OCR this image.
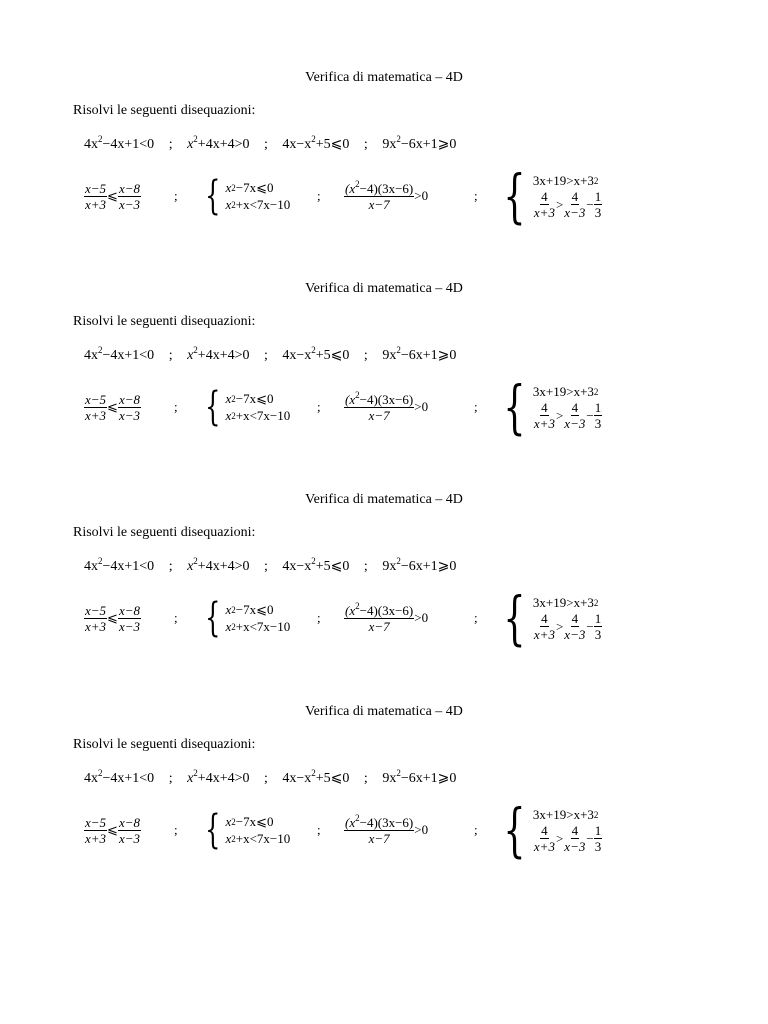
Verifica di matematica – 4D
Risolvi le seguenti disequazioni:
$4x^2-4x+1<0$ ; $x^2+4x+4>0$ ; $4x-x^2+5⩽0$ ; $9x^2-6x+1⩾0$
$\frac{x-5}{x+3}$ ⩽ $\frac{x-8}{x-3}$	; { x 2 −7x⩽0
x 2 +x<7x−10
; $\frac{(x^2-4)(3x-6)}{x-7} >0$	; { 3x+19>x+3 2
$\frac{4}{x+3} > \frac{4}{x-3} - \frac{1}{3}$
Verifica di matematica – 4D
Risolvi le seguenti disequazioni:
$4x^2-4x+1<0$ ; $x^2+4x+4>0$ ; $4x-x^2+5⩽0$ ; $9x^2-6x+1⩾0$
$\frac{x-5}{x+3}$ ⩽ $\frac{x-8}{x-3}$	; { x 2 −7x⩽0
x 2 +x<7x−10
; $\frac{(x^2-4)(3x-6)}{x-7} >0$	; { 3x+19>x+3 2
$\frac{4}{x+3} > \frac{4}{x-3} - \frac{1}{3}$
Verifica di matematica – 4D
Risolvi le seguenti disequazioni:
$4x^2-4x+1<0$ ; $x^2+4x+4>0$ ; $4x-x^2+5⩽0$ ; $9x^2-6x+1⩾0$
$\frac{x-5}{x+3}$ ⩽ $\frac{x-8}{x-3}$	; { x 2 −7x⩽0
x 2 +x<7x−10
; $\frac{(x^2-4)(3x-6)}{x-7} >0$	; { 3x+19>x+3 2
$\frac{4}{x+3} > \frac{4}{x-3} - \frac{1}{3}$
Verifica di matematica – 4D
Risolvi le seguenti disequazioni:
$4x^2-4x+1<0$ ; $x^2+4x+4>0$ ; $4x-x^2+5⩽0$ ; $9x^2-6x+1⩾0$
$\frac{x-5}{x+3}$ ⩽ $\frac{x-8}{x-3}$	; { x 2 −7x⩽0
x 2 +x<7x−10
; $\frac{(x^2-4)(3x-6)}{x-7} >0$	; { 3x+19>x+3 2
$\frac{4}{x+3} > \frac{4}{x-3} - \frac{1}{3}$
